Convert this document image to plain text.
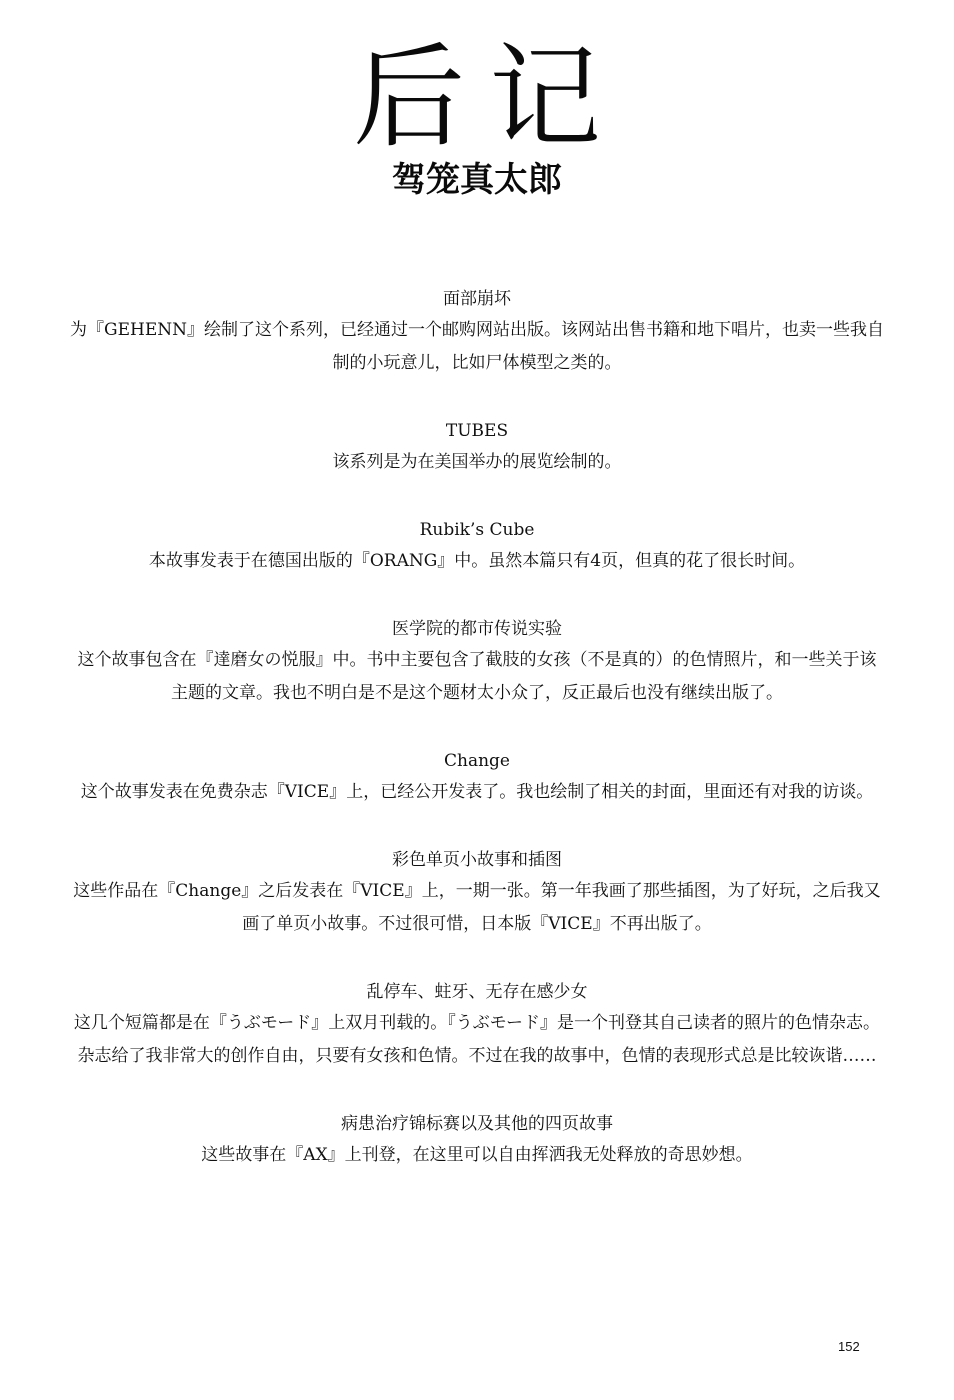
后记
驾笼真太郎
面部崩坏
为『GEHENN』绘制了这个系列，已经通过一个邮购网站出版。该网站出售书籍和地下唱片，也卖一些我自制的小玩意儿，比如尸体模型之类的。
TUBES
该系列是为在美国举办的展览绘制的。
Rubik’s Cube
本故事发表于在德国出版的『ORANG』中。虽然本篇只有4页，但真的花了很长时间。
医学院的都市传说实验
这个故事包含在『達磨女の悦服』中。书中主要包含了截肢的女孩（不是真的）的色情照片，和一些关于该主题的文章。我也不明白是不是这个题材太小众了，反正最后也没有继续出版了。
Change
这个故事发表在免费杂志『VICE』上，已经公开发表了。我也绘制了相关的封面，里面还有对我的访谈。
彩色单页小故事和插图
这些作品在『Change』之后发表在『VICE』上，一期一张。第一年我画了那些插图，为了好玩，之后我又画了单页小故事。不过很可惜，日本版『VICE』不再出版了。
乱停车、蛀牙、无存在感少女
这几个短篇都是在『うぶモード』上双月刊载的。『うぶモード』是一个刊登其自己读者的照片的色情杂志。杂志给了我非常大的创作自由，只要有女孩和色情。不过在我的故事中，色情的表现形式总是比较诙谐……
病患治疗锦标赛以及其他的四页故事
这些故事在『AX』上刊登，在这里可以自由挥洒我无处释放的奇思妙想。
152
